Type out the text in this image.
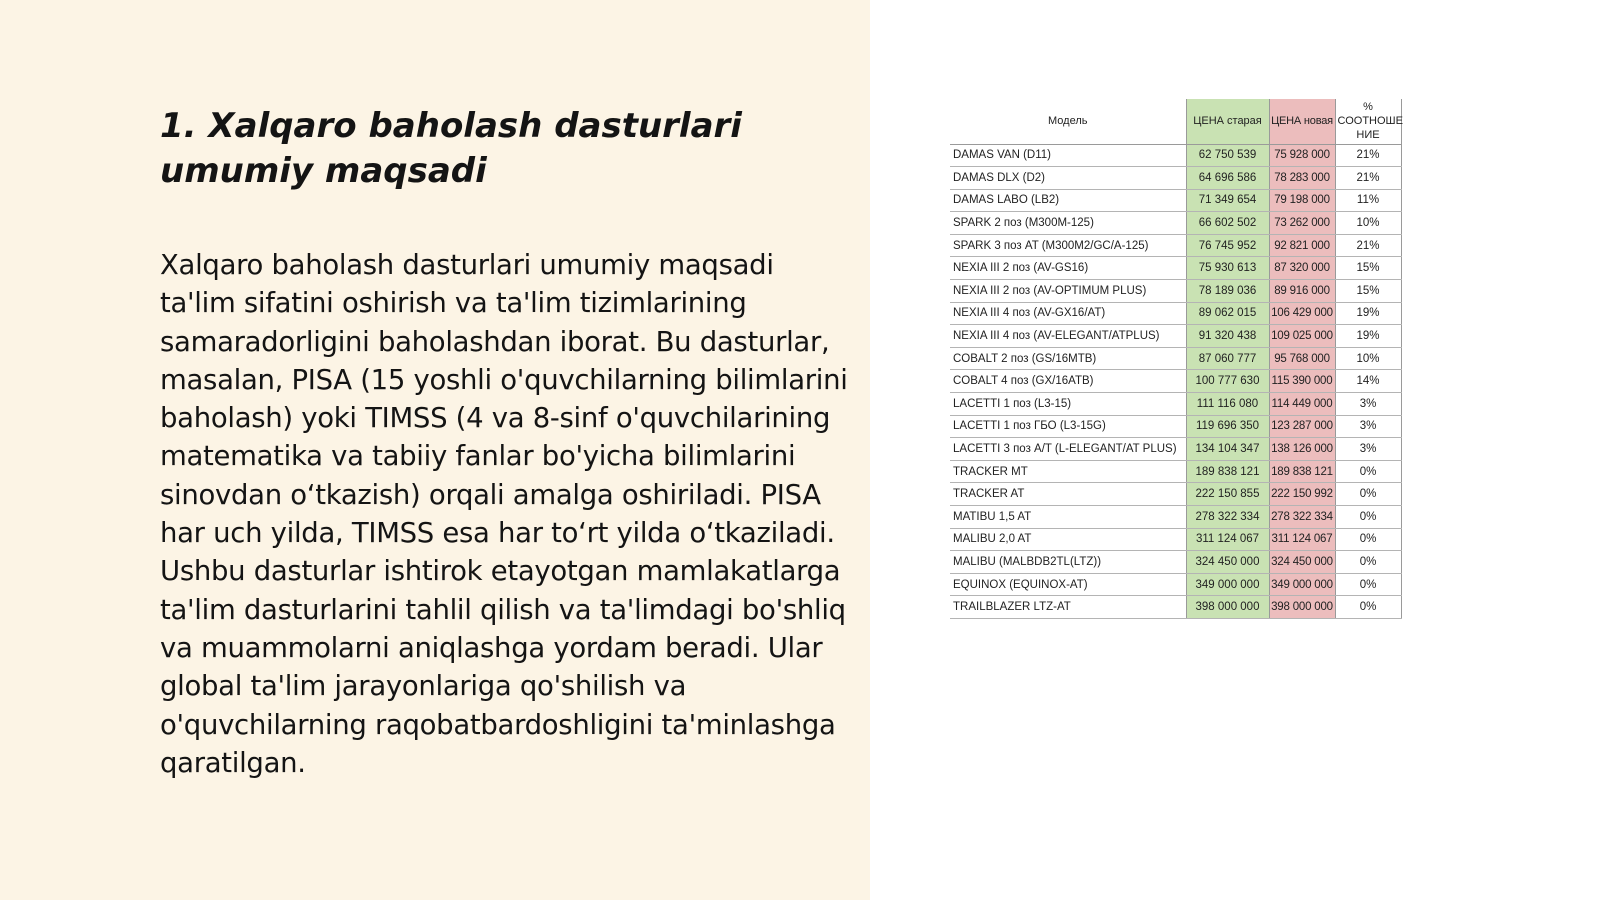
1. Xalqaro baholash dasturlari umumiy maqsadi

Xalqaro baholash dasturlari umumiy maqsadi ta'lim sifatini oshirish va ta'lim tizimlarining samaradorligini baholashdan iborat. Bu dasturlar, masalan, PISA (15 yoshli o'quvchilarning bilimlarini baholash) yoki TIMSS (4 va 8-sinf o'quvchilarining matematika va tabiiy fanlar bo'yicha bilimlarini sinovdan o‘tkazish) orqali amalga oshiriladi. PISA har uch yilda, TIMSS esa har to‘rt yilda o‘tkaziladi. Ushbu dasturlar ishtirok etayotgan mamlakatlarga ta'lim dasturlarini tahlil qilish va ta'limdagi bo'shliq va muammolarni aniqlashga yordam beradi. Ular global ta'lim jarayonlariga qo'shilish va o'quvchilarning raqobatbardoshligini ta'minlashga qaratilgan.

Модель	ЦЕНА старая	ЦЕНА новая	% СООТНОШЕ НИЕ
DAMAS VAN (D11)	62 750 539	75 928 000	21%
DAMAS DLX (D2)	64 696 586	78 283 000	21%
DAMAS LABO (LB2)	71 349 654	79 198 000	11%
SPARK 2 поз (M300M-125)	66 602 502	73 262 000	10%
SPARK 3 поз AT (M300M2/GC/A-125)	76 745 952	92 821 000	21%
NEXIA III 2 поз (AV-GS16)	75 930 613	87 320 000	15%
NEXIA III 2 поз (AV-OPTIMUM PLUS)	78 189 036	89 916 000	15%
NEXIA III 4 поз (AV-GX16/AT)	89 062 015	106 429 000	19%
NEXIA III 4 поз (AV-ELEGANT/ATPLUS)	91 320 438	109 025 000	19%
COBALT 2 поз (GS/16MTB)	87 060 777	95 768 000	10%
COBALT 4 поз (GX/16ATB)	100 777 630	115 390 000	14%
LACETTI 1 поз (L3-15)	111 116 080	114 449 000	3%
LACETTI 1 поз ГБО (L3-15G)	119 696 350	123 287 000	3%
LACETTI 3 поз A/T (L-ELEGANT/AT PLUS)	134 104 347	138 126 000	3%
TRACKER MT	189 838 121	189 838 121	0%
TRACKER AT	222 150 855	222 150 992	0%
MATIBU 1,5 AT	278 322 334	278 322 334	0%
MALIBU 2,0 AT	311 124 067	311 124 067	0%
MALIBU (MALBDB2TL(LTZ))	324 450 000	324 450 000	0%
EQUINOX (EQUINOX-AT)	349 000 000	349 000 000	0%
TRAILBLAZER LTZ-AT	398 000 000	398 000 000	0%
